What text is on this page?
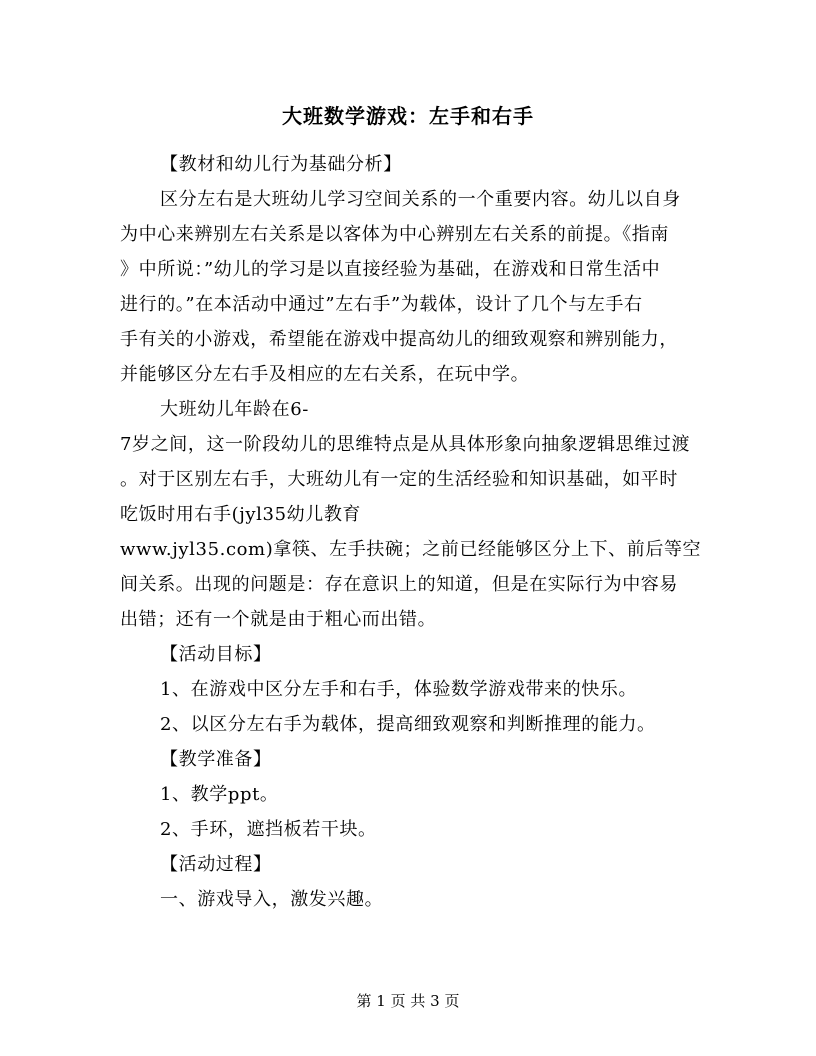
大班数学游戏：左手和右手
【教材和幼儿行为基础分析】
区分左右是大班幼儿学习空间关系的一个重要内容。幼儿以自身
为中心来辨别左右关系是以客体为中心辨别左右关系的前提。《指南
》中所说：”幼儿的学习是以直接经验为基础，在游戏和日常生活中
进行的。”在本活动中通过”左右手”为载体，设计了几个与左手右
手有关的小游戏，希望能在游戏中提高幼儿的细致观察和辨别能力，
并能够区分左右手及相应的左右关系，在玩中学。
大班幼儿年龄在6-
7岁之间，这一阶段幼儿的思维特点是从具体形象向抽象逻辑思维过渡
。对于区别左右手，大班幼儿有一定的生活经验和知识基础，如平时
吃饭时用右手(jyl35幼儿教育
www.jyl35.com)拿筷、左手扶碗；之前已经能够区分上下、前后等空
间关系。出现的问题是：存在意识上的知道，但是在实际行为中容易
出错；还有一个就是由于粗心而出错。
【活动目标】
1、在游戏中区分左手和右手，体验数学游戏带来的快乐。
2、以区分左右手为载体，提高细致观察和判断推理的能力。
【教学准备】
1、教学ppt。
2、手环，遮挡板若干块。
【活动过程】
一、游戏导入，激发兴趣。
第 1 页 共 3 页
